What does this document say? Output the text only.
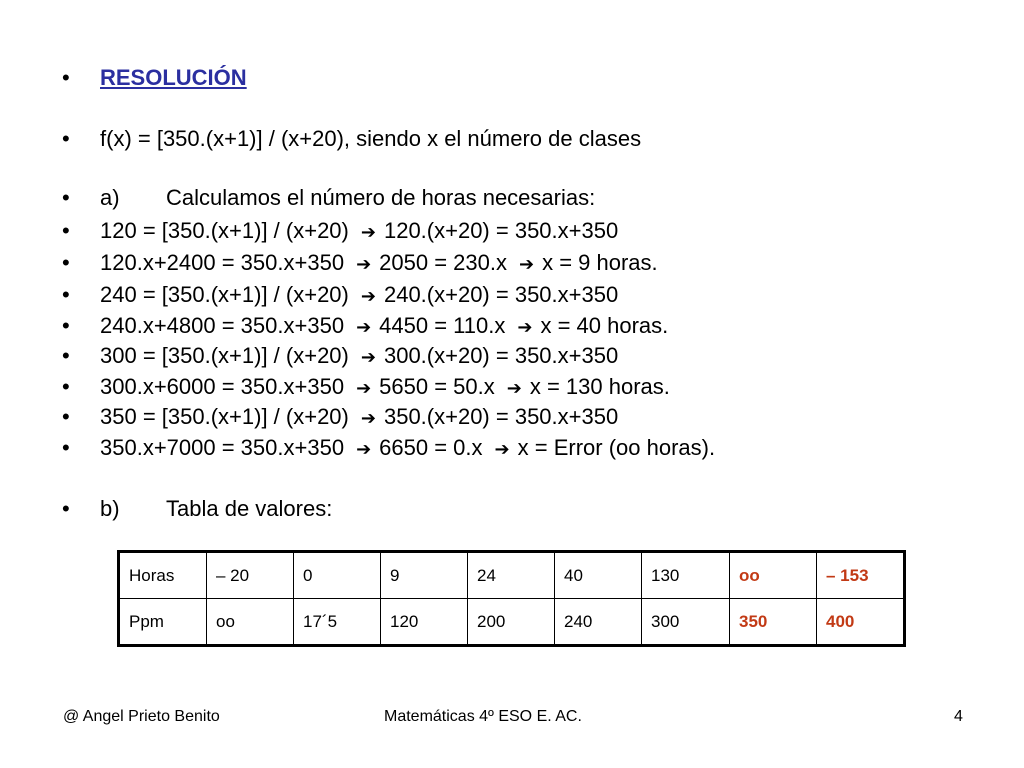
• RESOLUCIÓN
• f(x) = [350.(x+1)] / (x+20), siendo x el número de clases
• a) Calculamos el número de horas necesarias:
• 120 = [350.(x+1)] / (x+20) ➔ 120.(x+20) = 350.x+350
• 120.x+2400 = 350.x+350 ➔ 2050 = 230.x ➔ x = 9 horas.
• 240 = [350.(x+1)] / (x+20) ➔ 240.(x+20) = 350.x+350
• 240.x+4800 = 350.x+350 ➔ 4450 = 110.x ➔ x = 40 horas.
• 300 = [350.(x+1)] / (x+20) ➔ 300.(x+20) = 350.x+350
• 300.x+6000 = 350.x+350 ➔ 5650 = 50.x ➔ x = 130 horas.
• 350 = [350.(x+1)] / (x+20) ➔ 350.(x+20) = 350.x+350
• 350.x+7000 = 350.x+350 ➔ 6650 = 0.x ➔ x = Error (oo horas).
• b) Tabla de valores:
Horas	– 20	0	9	24	40	130	oo	– 153
Ppm	oo	17´5	120	200	240	300	350	400
@ Angel Prieto Benito	Matemáticas 4º ESO E. AC.	4
